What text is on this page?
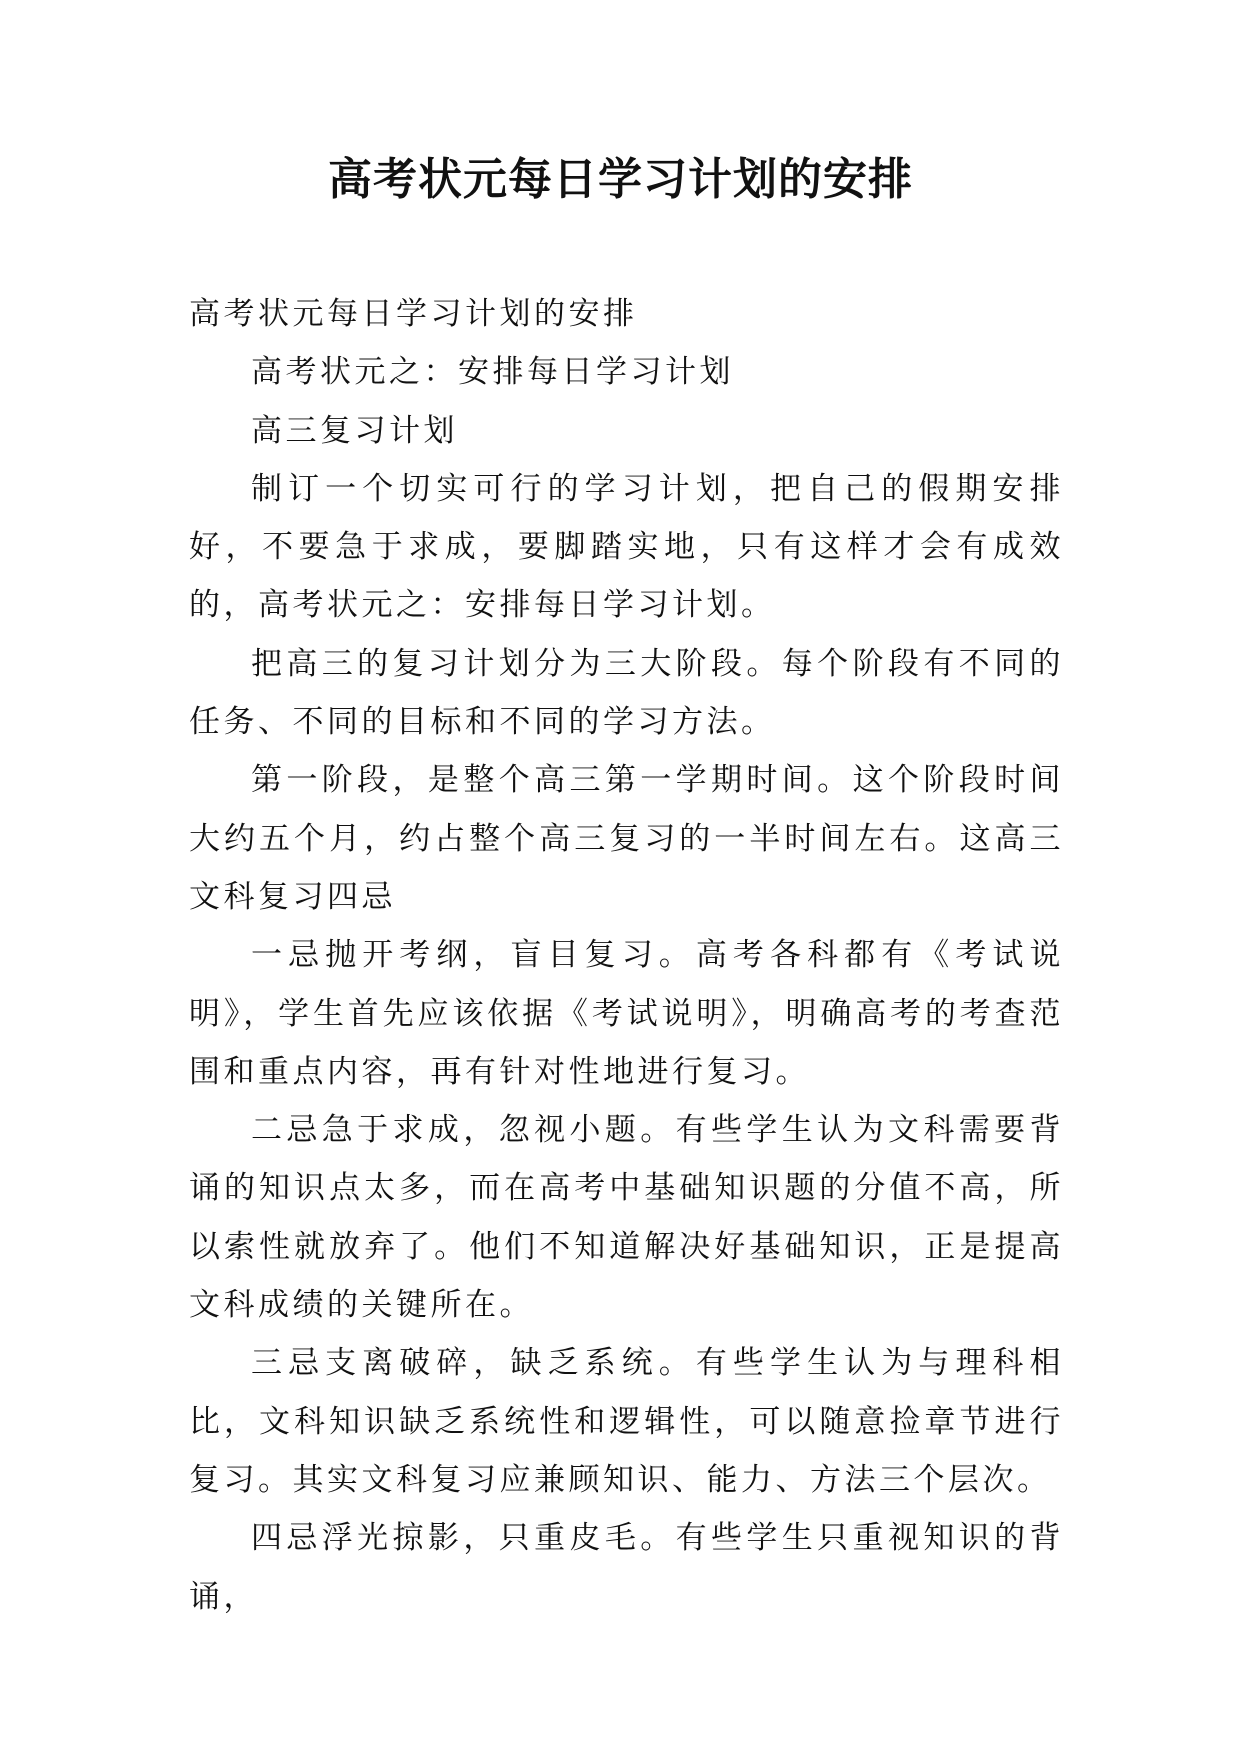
高考状元每日学习计划的安排

高考状元每日学习计划的安排

高考状元之：安排每日学习计划

高三复习计划

制订一个切实可行的学习计划，把自己的假期安排好，不要急于求成，要脚踏实地，只有这样才会有成效的，高考状元之：安排每日学习计划。

把高三的复习计划分为三大阶段。每个阶段有不同的任务、不同的目标和不同的学习方法。

第一阶段，是整个高三第一学期时间。这个阶段时间大约五个月，约占整个高三复习的一半时间左右。这高三文科复习四忌

一忌抛开考纲，盲目复习。高考各科都有《考试说明》，学生首先应该依据《考试说明》，明确高考的考查范围和重点内容，再有针对性地进行复习。

二忌急于求成，忽视小题。有些学生认为文科需要背诵的知识点太多，而在高考中基础知识题的分值不高，所以索性就放弃了。他们不知道解决好基础知识，正是提高文科成绩的关键所在。

三忌支离破碎，缺乏系统。有些学生认为与理科相比，文科知识缺乏系统性和逻辑性，可以随意捡章节进行复习。其实文科复习应兼顾知识、能力、方法三个层次。

四忌浮光掠影，只重皮毛。有些学生只重视知识的背诵，
